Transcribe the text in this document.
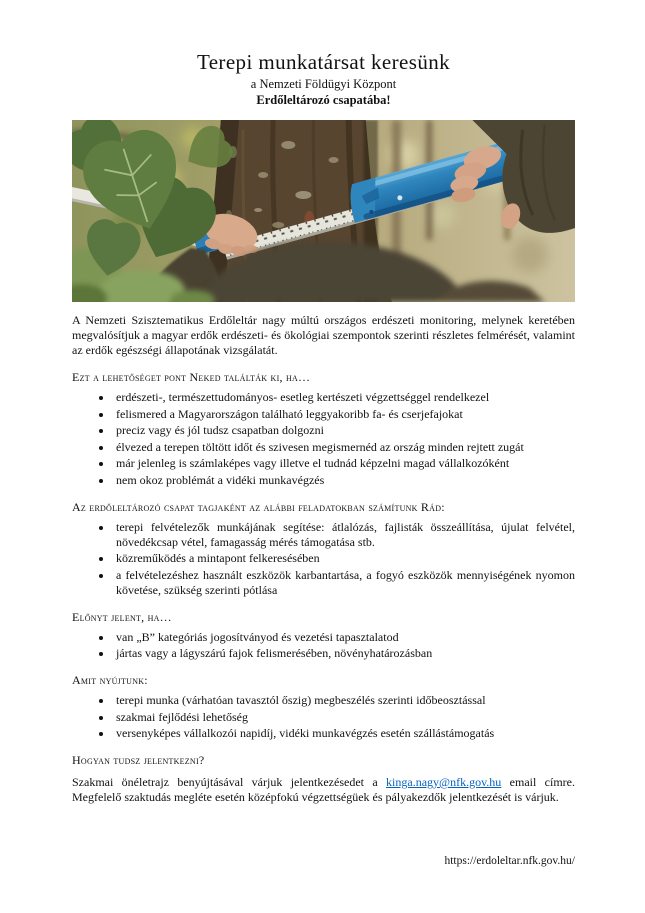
Terepi munkatársat keresünk
a Nemzeti Földügyi Központ
Erdőleltározó csapatába!

A Nemzeti Szisztematikus Erdőleltár nagy múltú országos erdészeti monitoring, melynek keretében megvalósítjuk a magyar erdők erdészeti- és ökológiai szempontok szerinti részletes felmérését, valamint az erdők egészségi állapotának vizsgálatát.

Ezt a lehetőséget pont Neked találták ki, ha…
• erdészeti-, természettudományos- esetleg kertészeti végzettséggel rendelkezel
• felismered a Magyarországon található leggyakoribb fa- és cserjefajokat
• preciz vagy és jól tudsz csapatban dolgozni
• élvezed a terepen töltött időt és szivesen megismernéd az ország minden rejtett zugát
• már jelenleg is számlaképes vagy illetve el tudnád képzelni magad vállalkozóként
• nem okoz problémát a vidéki munkavégzés
Az erdőleltározó csapat tagjaként az alábbi feladatokban számítunk Rád:
• terepi felvételezők munkájának segítése: átlalózás, fajlisták összeállítása, újulat felvétel, növedékcsap vétel, famagasság mérés támogatása stb.
• közreműködés a mintapont felkeresésében
• a felvételezéshez használt eszközök karbantartása, a fogyó eszközök mennyiségének nyomon követése, szükség szerinti pótlása
Előnyt jelent, ha…
• van „B” kategóriás jogosítványod és vezetési tapasztalatod
• jártas vagy a lágyszárú fajok felismerésében, növényhatározásban
Amit nyújtunk:
• terepi munka (várhatóan tavasztól őszig) megbeszélés szerinti időbeosztással
• szakmai fejlődési lehetőség
• versenyképes vállalkozói napidíj, vidéki munkavégzés esetén szállástámogatás
Hogyan tudsz jelentkezni?

Szakmai önéletrajz benyújtásával várjuk jelentkezésedet a kinga.nagy@nfk.gov.hu email címre. Megfelelő szaktudás megléte esetén középfokú végzettségüek és pályakezdők jelentkezését is várjuk.

https://erdoleltar.nfk.gov.hu/
